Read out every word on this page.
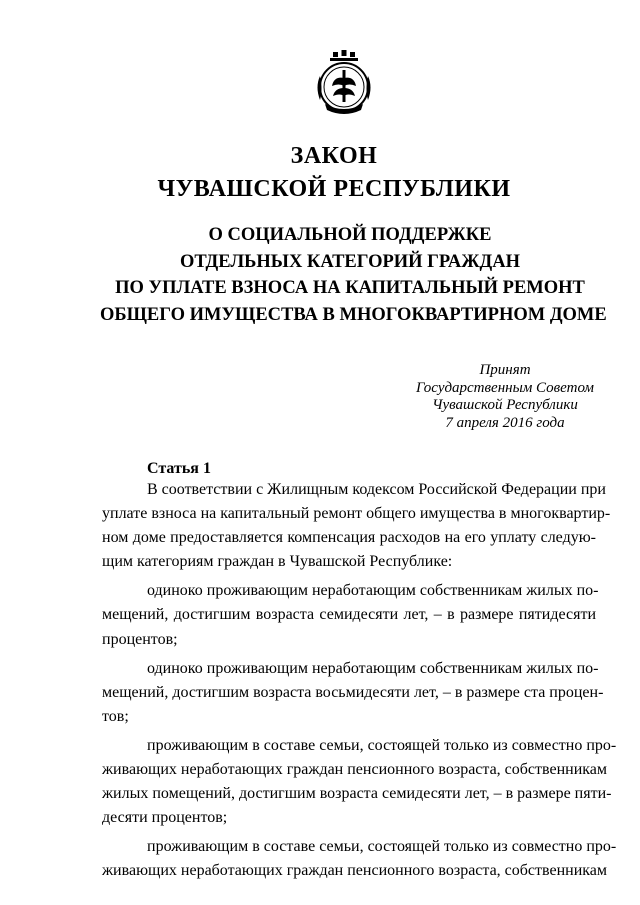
ЗАКОН
ЧУВАШСКОЙ РЕСПУБЛИКИ
О СОЦИАЛЬНОЙ ПОДДЕРЖКЕ
ОТДЕЛЬНЫХ КАТЕГОРИЙ ГРАЖДАН
ПО УПЛАТЕ ВЗНОСА НА КАПИТАЛЬНЫЙ РЕМОНТ
ОБЩЕГО ИМУЩЕСТВА В МНОГОКВАРТИРНОМ ДОМЕ
Принят
Государственным Советом
Чувашской Республики
7 апреля 2016 года
Статья 1
В соответствии с Жилищным кодексом Российской Федерации при
уплате взноса на капитальный ремонт общего имущества в многоквартир-
ном доме предоставляется компенсация расходов на его уплату следую-
щим категориям граждан в Чувашской Республике:
одиноко проживающим неработающим собственникам жилых по-
мещений, достигшим возраста семидесяти лет, – в размере пятидесяти
процентов;
одиноко проживающим неработающим собственникам жилых по-
мещений, достигшим возраста восьмидесяти лет, – в размере ста процен-
тов;
проживающим в составе семьи, состоящей только из совместно про-
живающих неработающих граждан пенсионного возраста, собственникам
жилых помещений, достигшим возраста семидесяти лет, – в размере пяти-
десяти процентов;
проживающим в составе семьи, состоящей только из совместно про-
живающих неработающих граждан пенсионного возраста, собственникам
